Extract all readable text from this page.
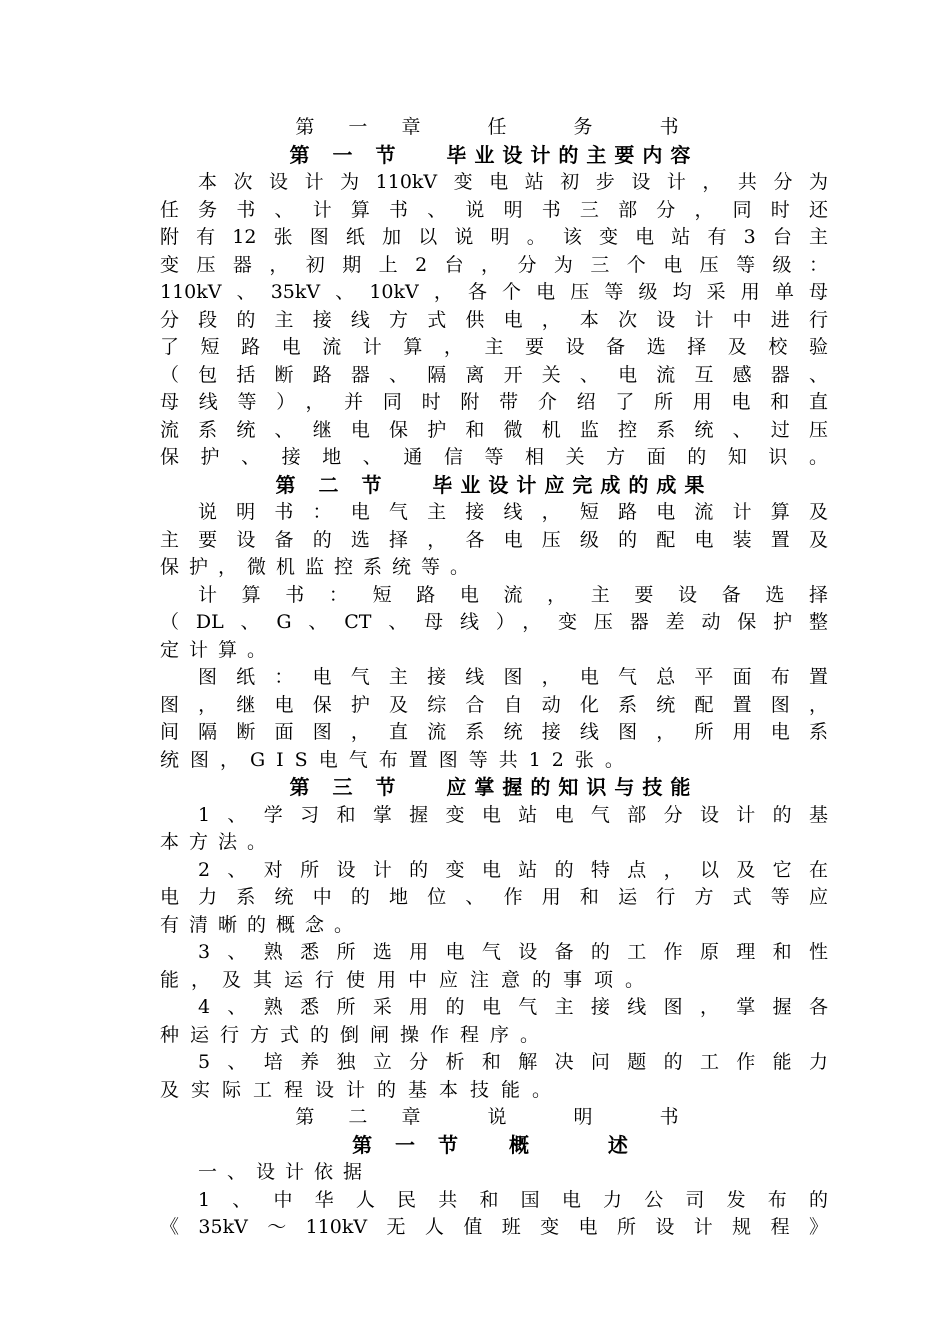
第 一 章　 任 　务 　书
第 一 节 　毕业设计的主要内容
本次设计为110kV变电站初步设计，共分为
任务书、计算书、说明书三部分，同时还
附有12张图纸加以说明。该变电站有3台主
变压器，初期上2台，分为三个电压等级：
110kV、35kV、10kV，各个电压等级均采用单母
分段的主接线方式供电，本次设计中进行
了短路电流计算，主要设备选择及校验
（包括断路器、隔离开关、电流互感器、
母线等），并同时附带介绍了所用电和直
流系统、继电保护和微机监控系统、过压
保护、接地、通信等相关方面的知识。
第 二 节　 毕业设计应完成的成果
说明书：电气主接线，短路电流计算及
主要设备的选择，各电压级的配电装置及
保护，微机监控系统等。
计算书：短路电流，主要设备选择
（DL、G、CT、母线），变压器差动保护整
定计算。
图纸：电气主接线图，电气总平面布置
图，继电保护及综合自动化系统配置图，
间隔断面图，直流系统接线图，所用电系
统图，GIS电气布置图等共12张。
第 三 节　 应掌握的知识与技能
1、学习和掌握变电站电气部分设计的基
本方法。
2、对所设计的变电站的特点，以及它在
电力系统中的地位、作用和运行方式等应
有清晰的概念。
3、熟悉所选用电气设备的工作原理和性
能，及其运行使用中应注意的事项。
4、熟悉所采用的电气主接线图，掌握各
种运行方式的倒闸操作程序。
5、培养独立分析和解决问题的工作能力
及实际工程设计的基本技能。
第 二 章　 说 　明 　书
第 一 节　 概 　　述
一、设计依据
1、中华人民共和国电力公司发布的
《35kV～110kV无人值班变电所设计规程》
